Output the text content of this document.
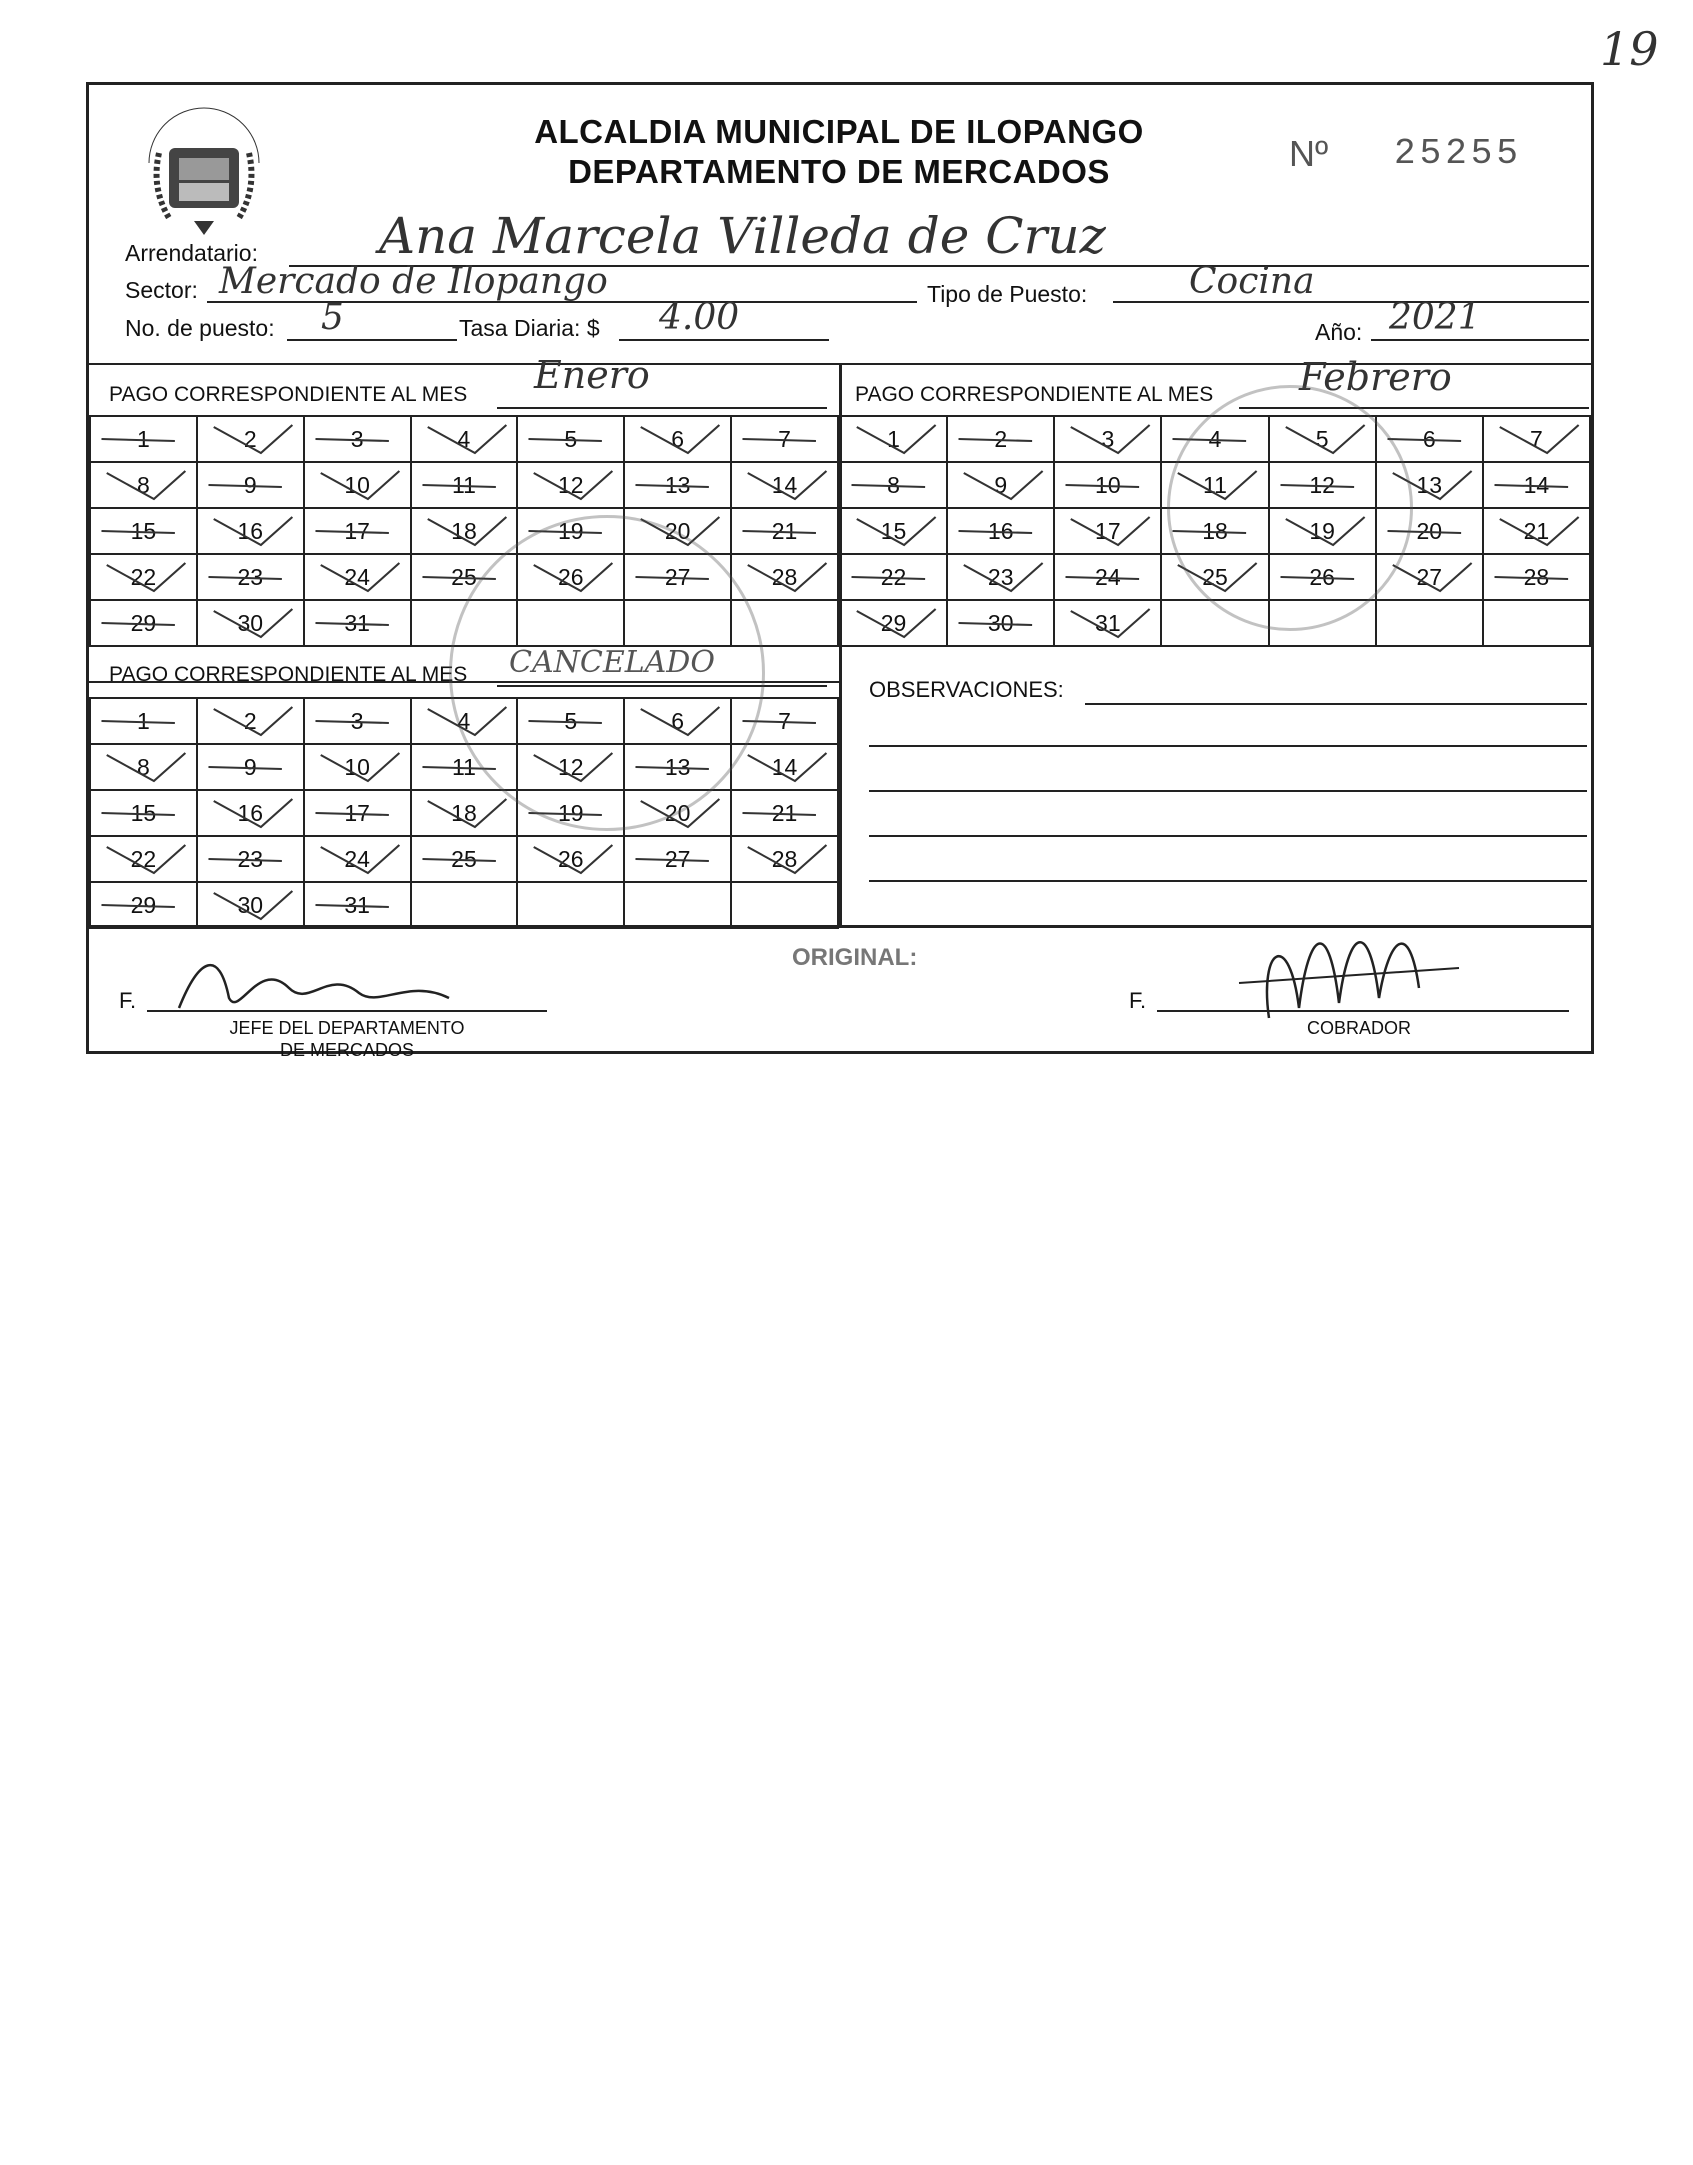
19
ALCALDIA MUNICIPAL DE ILOPANGO
DEPARTAMENTO DE MERCADOS	Nº 25255
Arrendatario: Ana Marcela Villeda de Cruz
Sector: Mercado de Ilopango	Tipo de Puesto:	Cocina
No. de puesto: 5	Tasa Diaria: $ 4.00	Año: 2021
PAGO CORRESPONDIENTE AL MES Enero
1	2	3	4	5	6	7

8	9	10	11	12	13	14

15	16	17	18	19	20	21

22	23	24	25	26	27	28

29	30	31

PAGO CORRESPONDIENTE AL MES Febrero
1	2	3	4	5	6	7

8	9	10	11	12	13	14

15	16	17	18	19	20	21

22	23	24	25	26	27	28

29	30	31

PAGO CORRESPONDIENTE AL MES CANCELADO
1	2	3	4	5	6	7

8	9	10	11	12	13	14

15	16	17	18	19	20	21

22	23	24	25	26	27	28

29	30	31

OBSERVACIONES:
ORIGINAL:
F.
JEFE DEL DEPARTAMENTO
DE MERCADOS
F.
COBRADOR
